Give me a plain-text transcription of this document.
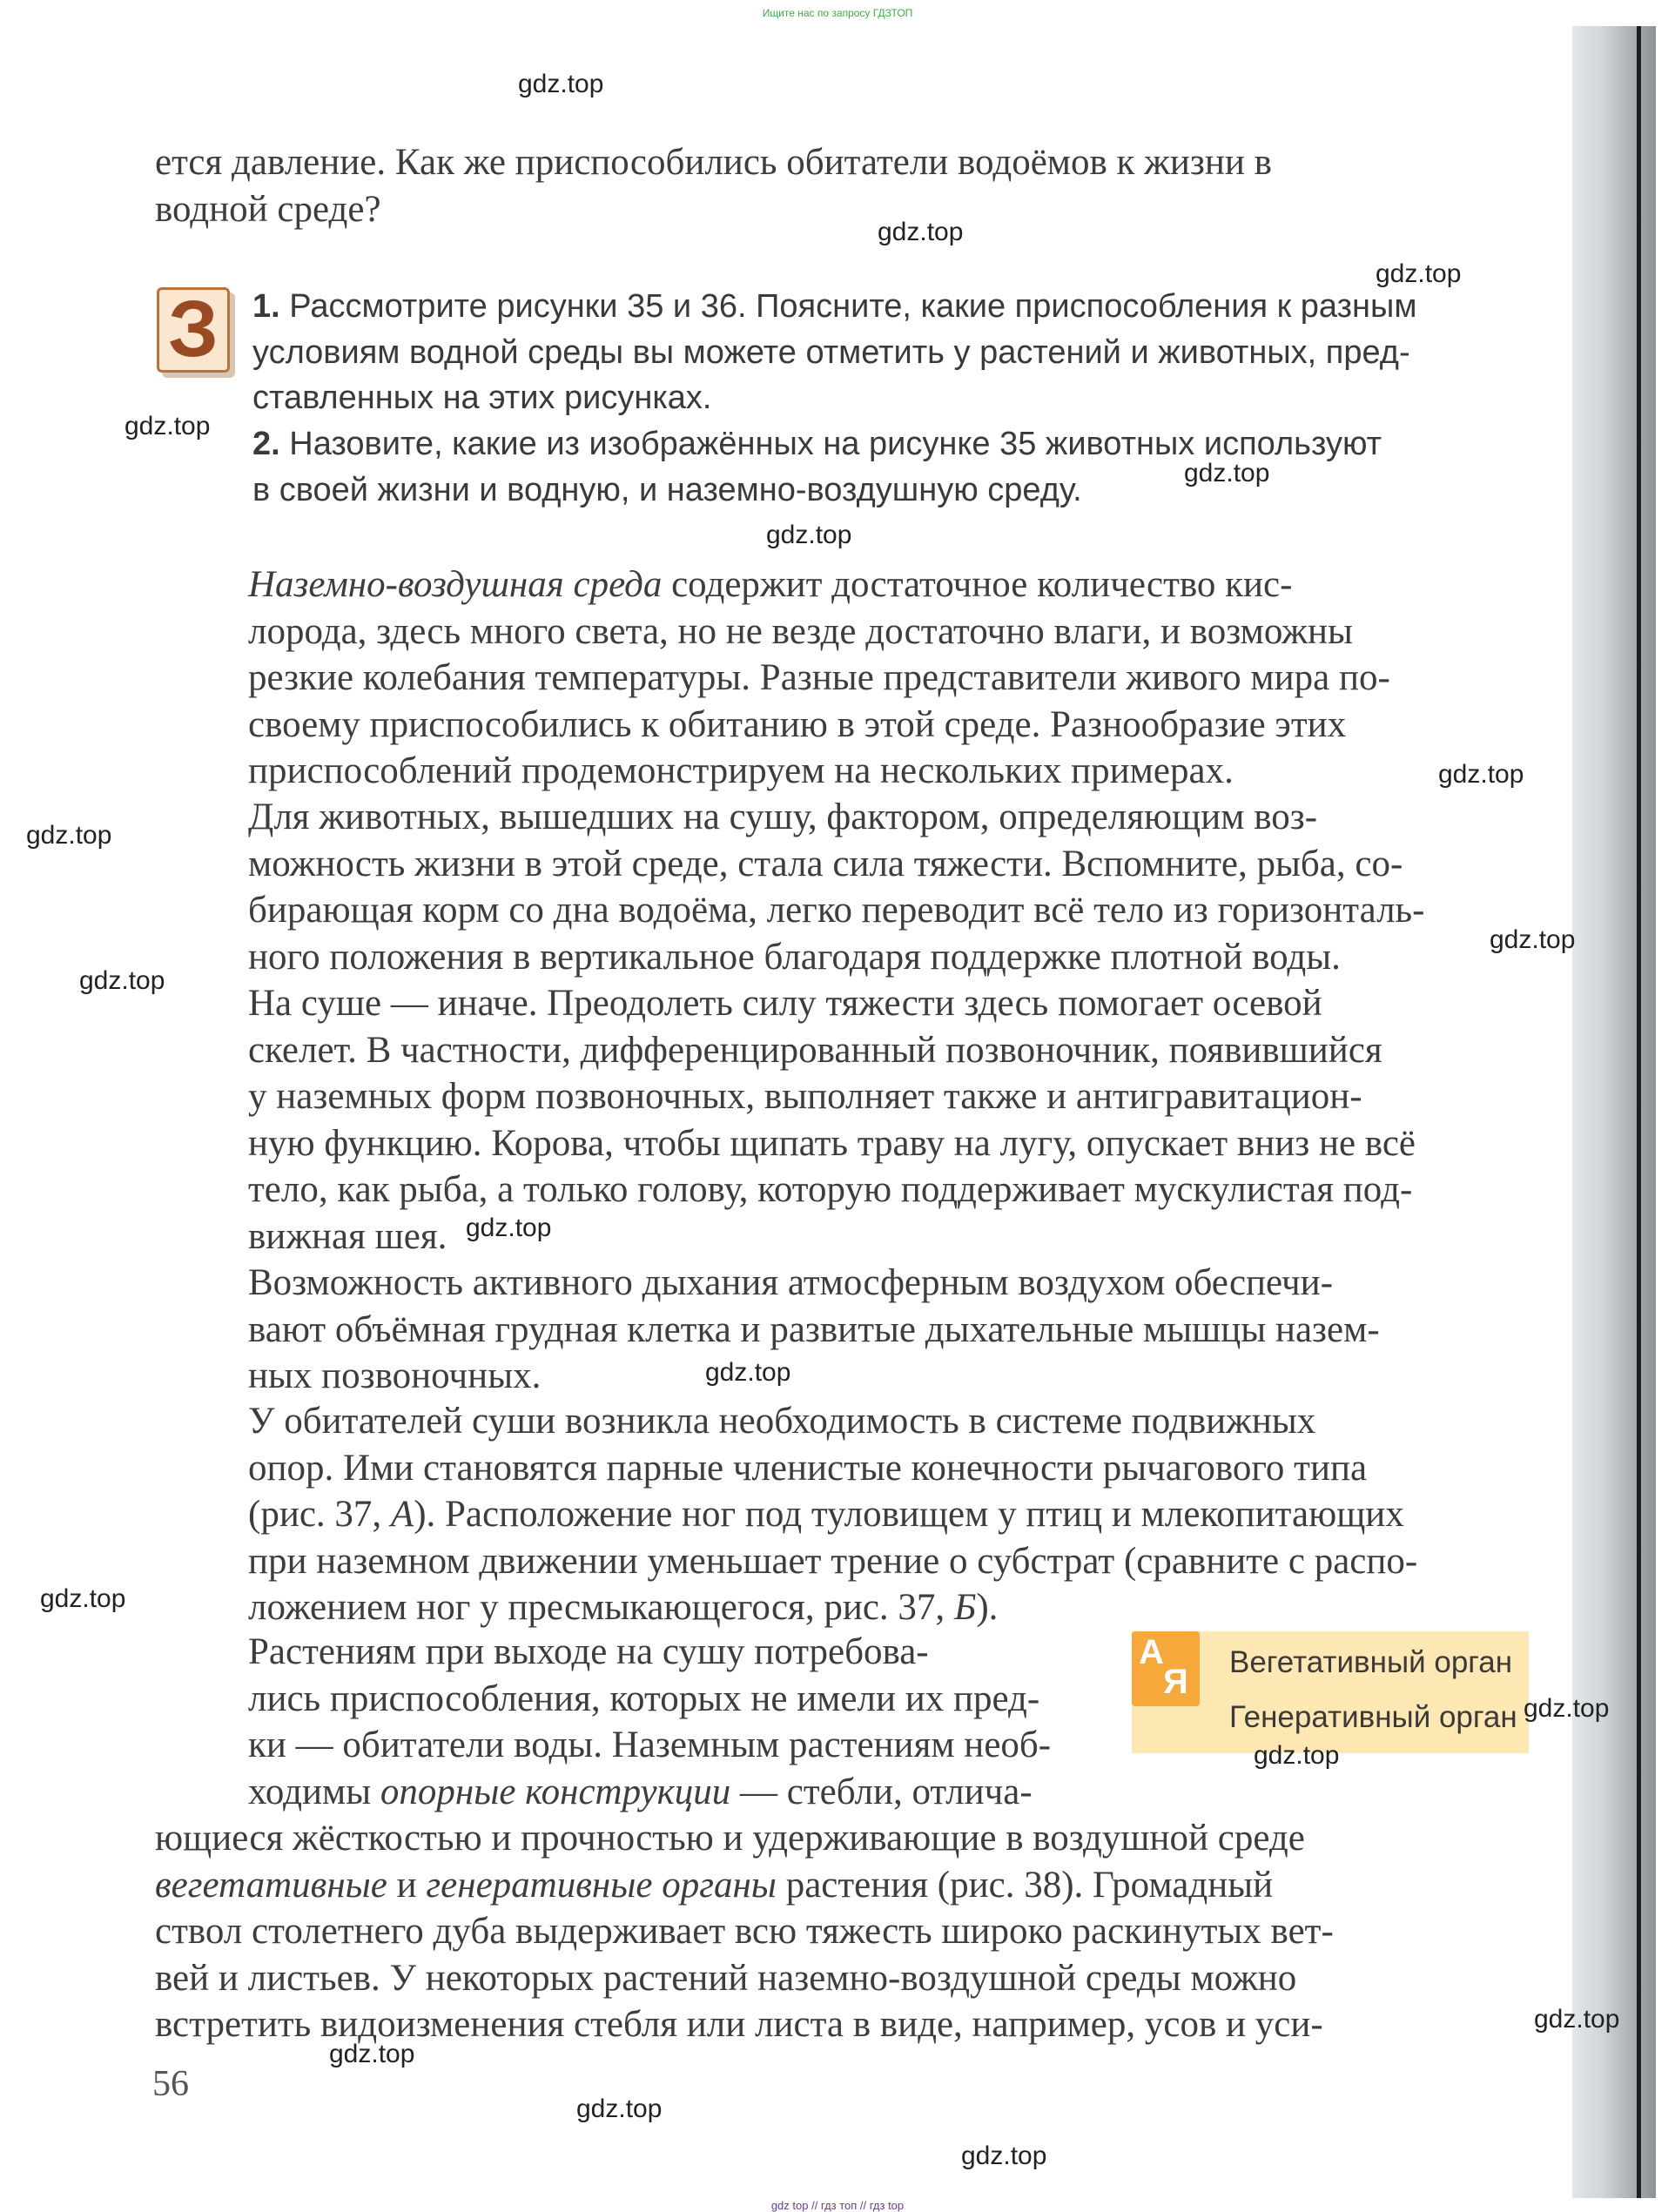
Ищите нас по запросу ГДЗТОП

ется давление. Как же приспособились обитатели водоёмов к жизни в
водной среде?

З 1. Рассмотрите рисунки 35 и 36. Поясните, какие приспособления к разным
условиям водной среды вы можете отметить у растений и животных, пред-
ставленных на этих рисунках.

2. Назовите, какие из изображённых на рисунке 35 животных используют
в своей жизни и водную, и наземно-воздушную среду.

Наземно-воздушная среда содержит достаточное количество кис-
лорода, здесь много света, но не везде достаточно влаги, и возможны
резкие колебания температуры. Разные представители живого мира по-
своему приспособились к обитанию в этой среде. Разнообразие этих
приспособлений продемонстрируем на нескольких примерах.

Для животных, вышедших на сушу, фактором, определяющим воз-
можность жизни в этой среде, стала сила тяжести. Вспомните, рыба, со-
бирающая корм со дна водоёма, легко переводит всё тело из горизонталь-
ного положения в вертикальное благодаря поддержке плотной воды.

На суше — иначе. Преодолеть силу тяжести здесь помогает осевой
скелет. В частности, дифференцированный позвоночник, появившийся
у наземных форм позвоночных, выполняет также и антигравитацион-
ную функцию. Корова, чтобы щипать траву на лугу, опускает вниз не всё
тело, как рыба, а только голову, которую поддерживает мускулистая под-
вижная шея.

Возможность активного дыхания атмосферным воздухом обеспечи-
вают объёмная грудная клетка и развитые дыхательные мышцы назем-
ных позвоночных.

У обитателей суши возникла необходимость в системе подвижных
опор. Ими становятся парные членистые конечности рычагового типа
(рис. 37, А). Расположение ног под туловищем у птиц и млекопитающих
при наземном движении уменьшает трение о субстрат (сравните с распо-
ложением ног у пресмыкающегося, рис. 37, Б).

Растениям при выходе на сушу потребова-
лись приспособления, которых не имели их пред-
ки — обитатели воды. Наземным растениям необ-
ходимы опорные конструкции — стебли, отлича-

ющиеся жёсткостью и прочностью и удерживающие в воздушной среде
вегетативные и генеративные органы растения (рис. 38). Громадный
ствол столетнего дуба выдерживает всю тяжесть широко раскинутых вет-
вей и листьев. У некоторых растений наземно-воздушной среды можно
встретить видоизменения стебля или листа в виде, например, усов и уси-

А
Я
Вегетативный орган
Генеративный орган
56
gdz.top
gdz.top
gdz.top
gdz.top
gdz.top
gdz.top
gdz.top
gdz.top
gdz.top
gdz.top
gdz.top
gdz.top
gdz.top
gdz.top
gdz.top
gdz.top
gdz.top
gdz.top
gdz.top
gdz top // гдз топ // гдз top
